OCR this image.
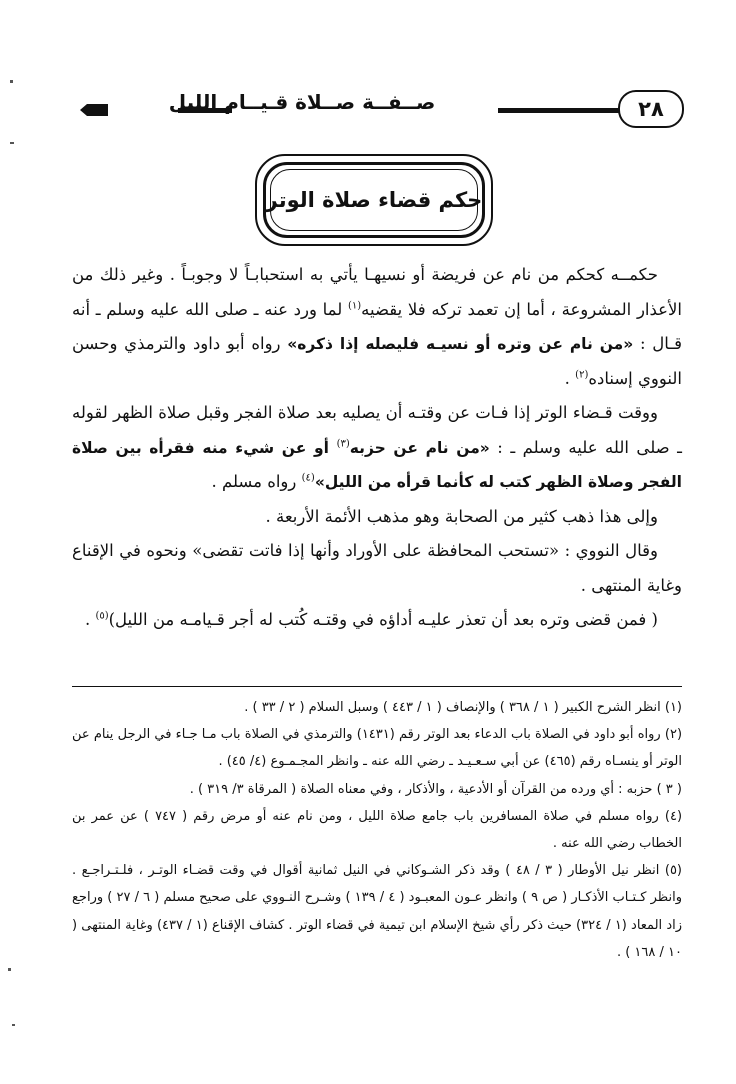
صــفــة صــلاة قـيــام الليل	٢٨
حكم قضاء صلاة الوتر

حكمــه كحكم من نام عن فريضة أو نسيهـا يأتي به استحبابـاً لا وجوبـاً . وغير ذلك من الأعذار المشروعة ، أما إن تعمد تركه فلا يقضيه$^{(١)}$ لما ورد عنه ـ صلى الله عليه وسلم ـ أنه قـال : «من نام عن وتره أو نسيـه فليصله إذا ذكره» رواه أبو داود والترمذي وحسن النووي إسناده$^{(٢)}$ .

ووقت قـضاء الوتر إذا فـات عن وقتـه أن يصليه بعد صلاة الفجر وقبل صلاة الظهر لقوله ـ صلى الله عليه وسلم ـ : «من نام عن حزبه$^{(٣)}$ أو عن شيء منه فقرأه بين صلاة الفجر وصلاة الظهر كتب له كأنما قرأه من الليل»$^{(٤)}$ رواه مسلم .

وإلى هذا ذهب كثير من الصحابة وهو مذهب الأئمة الأربعة .

وقال النووي : «تستحب المحافظة على الأوراد وأنها إذا فاتت تقضى» ونحوه في الإقناع وغاية المنتهى .

( فمن قضى وتره بعد أن تعذر عليـه أداؤه في وقتـه كُتب له أجر قـيامـه من الليل)$^{(٥)}$ .

(١) انظر الشرح الكبير ( ١ / ٣٦٨ ) والإنصاف ( ١ / ٤٤٣ ) وسبل السلام ( ٢ / ٣٣ ) .

(٢) رواه أبو داود في الصلاة باب الدعاء بعد الوتر رقم (١٤٣١) والترمذي في الصلاة باب مـا جـاء في الرجل ينام عن الوتر أو ينسـاه رقم (٤٦٥) عن أبي سـعـيـد ـ رضي الله عنه ـ وانظر المجـمـوع (٤/ ٤٥) .

( ٣ ) حزبه : أي ورده من القرآن أو الأدعية ، والأذكار ، وفي معناه الصلاة ( المرقاة ٣/ ٣١٩ ) .

(٤) رواه مسلم في صلاة المسافرين باب جامع صلاة الليل ، ومن نام عنه أو مرض رقم ( ٧٤٧ ) عن عمر بن الخطاب رضي الله عنه .

(٥) انظر نيل الأوطار ( ٣ / ٤٨ ) وقد ذكر الشـوكاني في النيل ثمانية أقوال في وقت قضـاء الوتـر ، فلـتـراجـع . وانظر كـتـاب الأذكـار ( ص ٩ ) وانظر عـون المعبـود ( ٤ / ١٣٩ ) وشـرح النـووي على صحيح مسلم ( ٦ / ٢٧ ) وراجع زاد المعاد (١ / ٣٢٤) حيث ذكر رأي شيخ الإسلام ابن تيمية في قضاء الوتر . كشاف الإقناع (١ / ٤٣٧) وغاية المنتهى ( ١٠ / ١٦٨ ) .
